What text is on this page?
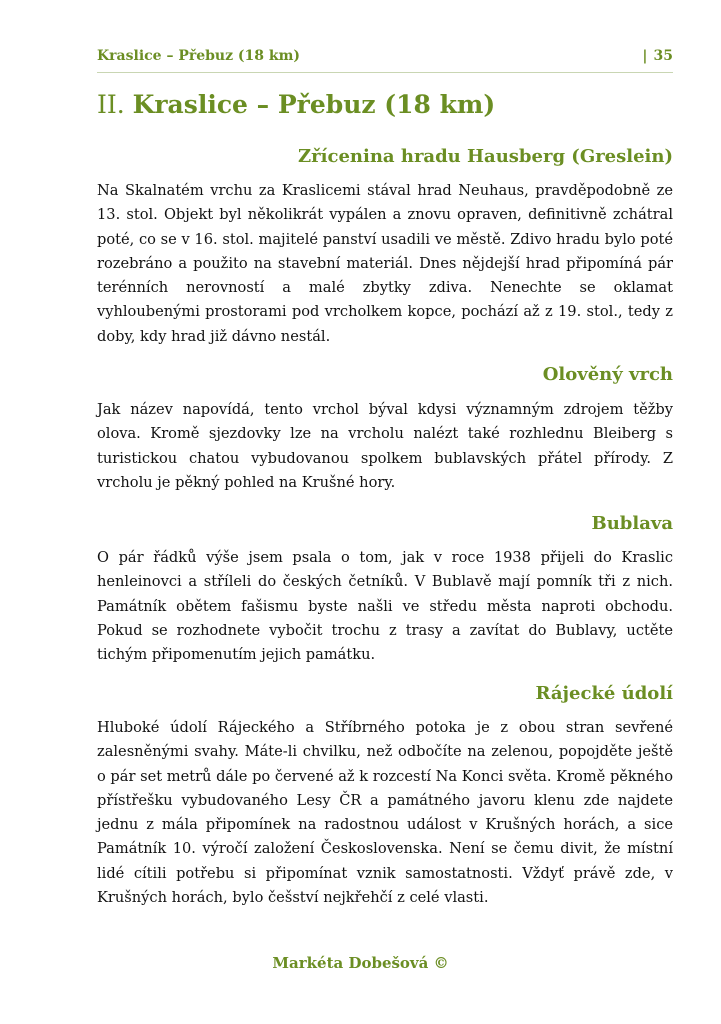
Kraslice – Přebuz (18 km)	| 35
II. Kraslice – Přebuz (18 km)
Zřícenina hradu Hausberg (Greslein)
Na Skalnatém vrchu za Kraslicemi stával hrad Neuhaus, pravděpodobně ze 13. stol. Objekt byl několikrát vypálen a znovu opraven, definitivně zchátral poté, co se v 16. stol. majitelé panství usadili ve městě. Zdivo hradu bylo poté rozebráno a použito na stavební materiál. Dnes nějdejší hrad připomíná pár terénních nerovností a malé zbytky zdiva. Nenechte se oklamat vyhloubenými prostorami pod vrcholkem kopce, pochází až z 19. stol., tedy z doby, kdy hrad již dávno nestál.
Olověný vrch
Jak název napovídá, tento vrchol býval kdysi významným zdrojem těžby olova. Kromě sjezdovky lze na vrcholu nalézt také rozhlednu Bleiberg s turistickou chatou vybudovanou spolkem bublavských přátel přírody. Z vrcholu je pěkný pohled na Krušné hory.
Bublava
O pár řádků výše jsem psala o tom, jak v roce 1938 přijeli do Kraslic henleinovci a stříleli do českých četníků. V Bublavě mají pomník tři z nich. Památník obětem fašismu byste našli ve středu města naproti obchodu. Pokud se rozhodnete vybočit trochu z trasy a zavítat do Bublavy, uctěte tichým připomenutím jejich památku.
Rájecké údolí
Hluboké údolí Rájeckého a Stříbrného potoka je z obou stran sevřené zalesněnými svahy. Máte-li chvilku, než odbočíte na zelenou, popojděte ještě o pár set metrů dále po červené až k rozcestí Na Konci světa. Kromě pěkného přístřešku vybudovaného Lesy ČR a památného javoru klenu zde najdete jednu z mála připomínek na radostnou událost v Krušných horách, a sice Památník 10. výročí založení Československa. Není se čemu divit, že místní lidé cítili potřebu si připomínat vznik samostatnosti. Vždyť právě zde, v Krušných horách, bylo češství nejkřehčí z celé vlasti.
Markéta Dobešová ©
